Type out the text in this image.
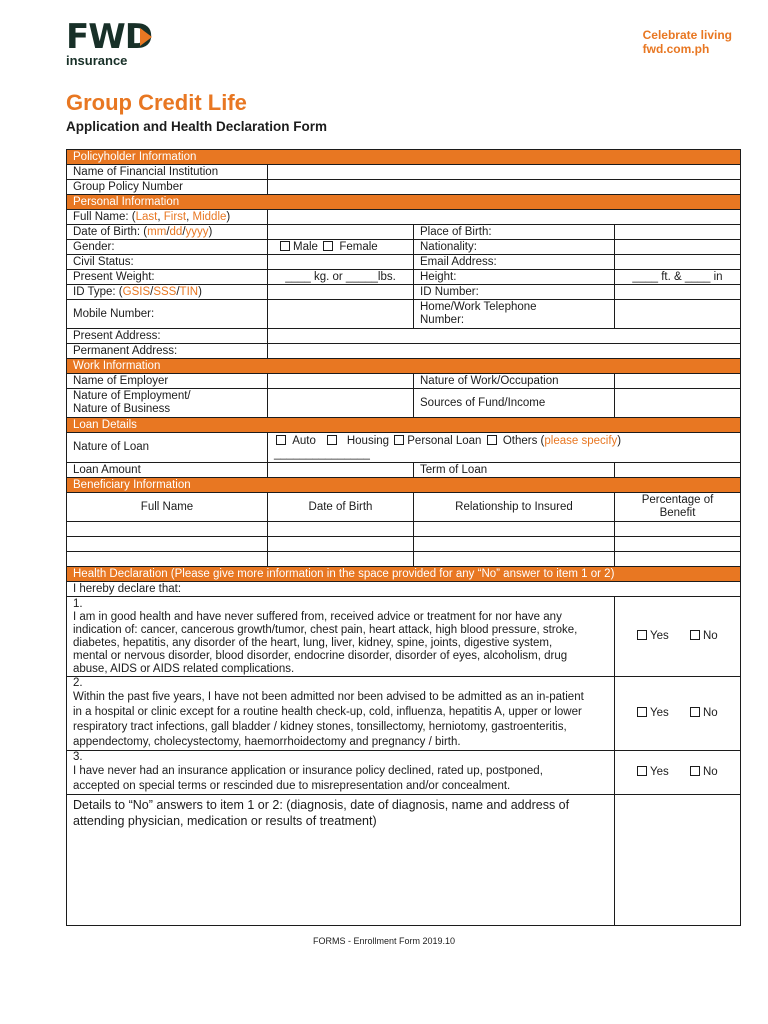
FWD
insurance
Celebrate living
fwd.com.ph
Group Credit Life
Application and Health Declaration Form
Policyholder Information			
Name of Financial Institution			
Group Policy Number			
Personal Information			
Full Name: (Last, First, Middle)			
Date of Birth: (mm/dd/yyyy)		Place of Birth:	
Gender:	Male Female	Nationality:	
Civil Status:		Email Address:	
Present Weight:	____ kg. or _____lbs.	Height:	____ ft. & ____ in
ID Type: (GSIS/SSS/TIN)		ID Number:	
Mobile Number:		Home/Work Telephone
Number:	

Present Address:			
Permanent Address:			
Work Information			
Name of Employer		Nature of Work/Occupation	

Nature of Employment/
Nature of Business		Sources of Fund/Income	
Loan Details			
Nature of Loan	Auto Housing Personal Loan Others (please specify)
_______________		

Loan Amount		Term of Loan	
Beneficiary Information			
Full Name	Date of Birth	Relationship to Insured	Percentage of
Benefit

Health Declaration (Please give more information in the space provided for any “No” answer to item 1 or 2)			
I hereby declare that:			
1.I am in good health and have never suffered from, received advice or treatment for nor have any indication of: cancer, cancerous growth/tumor, chest pain, heart attack, high blood pressure, stroke, diabetes, hepatitis, any disorder of the heart, lung, liver, kidney, spine, joints, digestive system, mental or nervous disorder, blood disorder, endocrine disorder, disorder of eyes, alcoholism, drug abuse, AIDS or AIDS related complications.			Yes No
2.Within the past five years, I have not been admitted nor been advised to be admitted as an in-patient in a hospital or clinic except for a routine health check-up, cold, influenza, hepatitis A, upper or lower respiratory tract infections, gall bladder / kidney stones, tonsillectomy, herniotomy, gastroenteritis, appendectomy, cholecystectomy, haemorrhoidectomy and pregnancy / birth.			Yes No
3.I have never had an insurance application or insurance policy declined, rated up, postponed, accepted on special terms or rescinded due to misrepresentation and/or concealment.			Yes No
Details to “No” answers to item 1 or 2: (diagnosis, date of diagnosis, name and address of attending physician, medication or results of treatment)			
FORMS - Enrollment Form 2019.10
